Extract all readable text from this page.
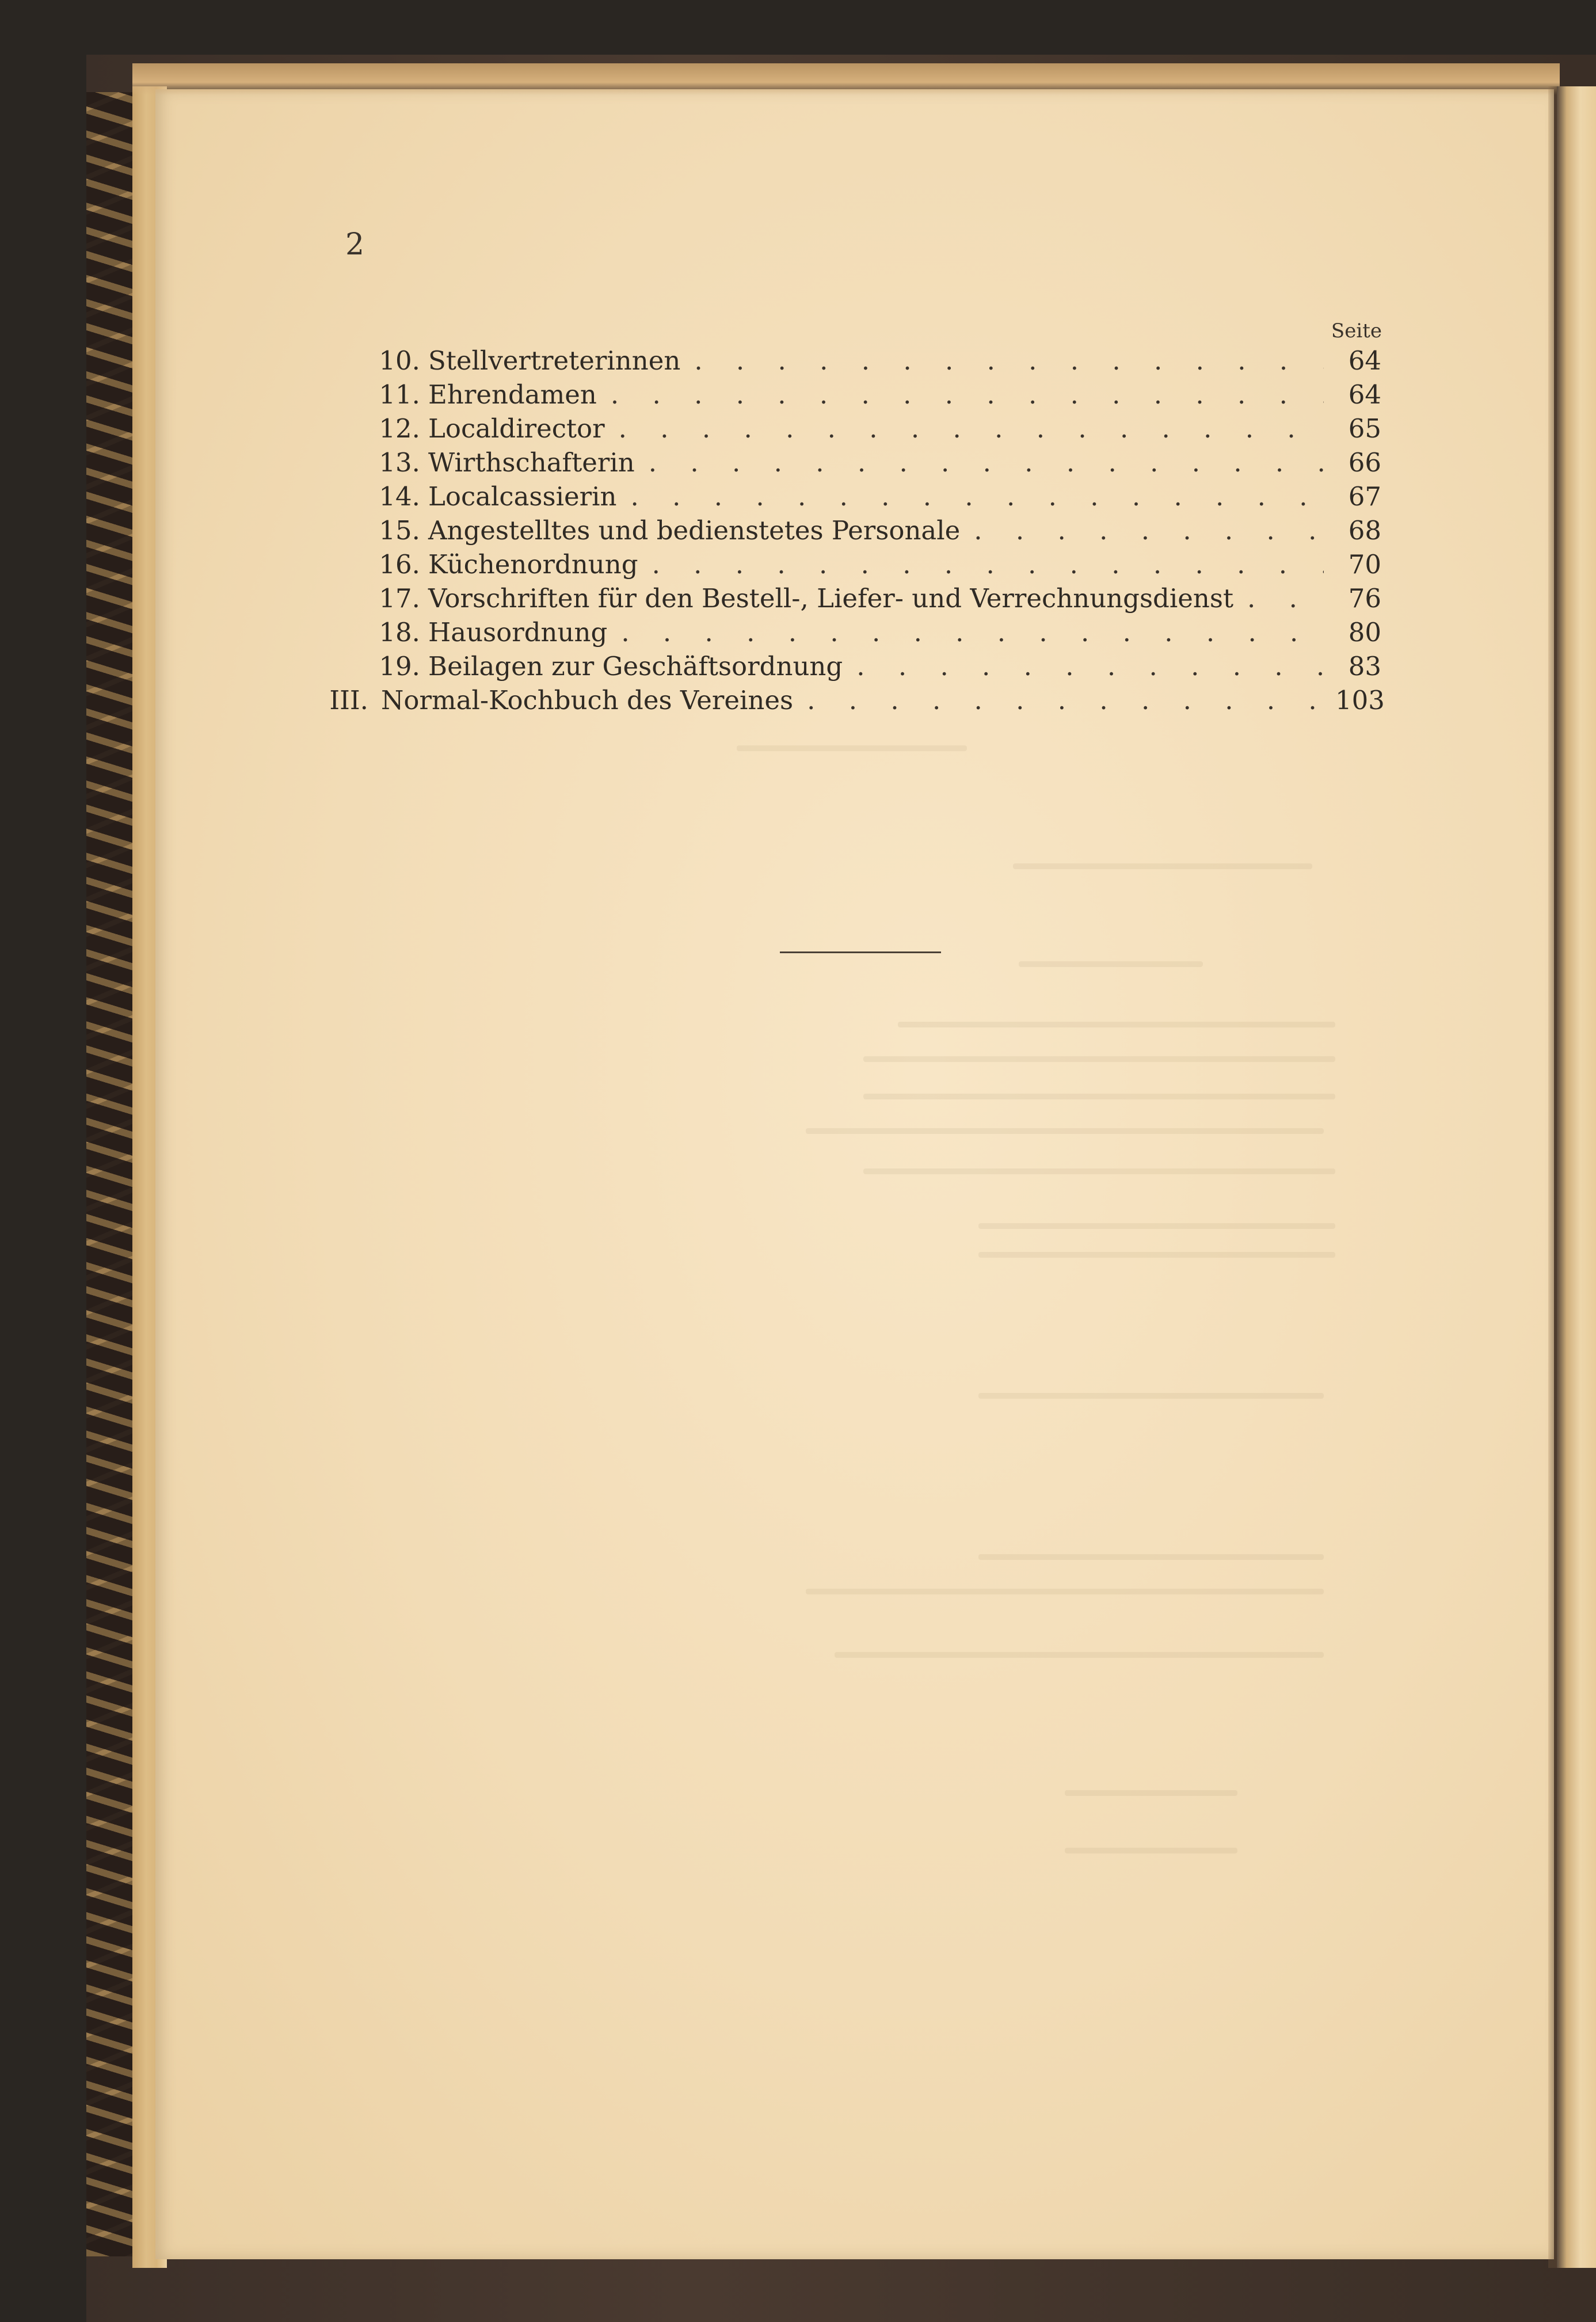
2
Seite
10. Stellvertreterinnen . . .	64
11. Ehrendamen . . .	64
12. Localdirector . . .	65
13. Wirthschafterin . . .	66
14. Localcassierin . . .	67
15. Angestelltes und bedienstetes Personale . . .	68
16. Küchenordnung . . .	70
17. Vorschriften für den Bestell-, Liefer- und Verrechnungsdienst . . .	76
18. Hausordnung . . .	80
19. Beilagen zur Geschäftsordnung . . .	83
III. Normal-Kochbuch des Vereines . . .	103
